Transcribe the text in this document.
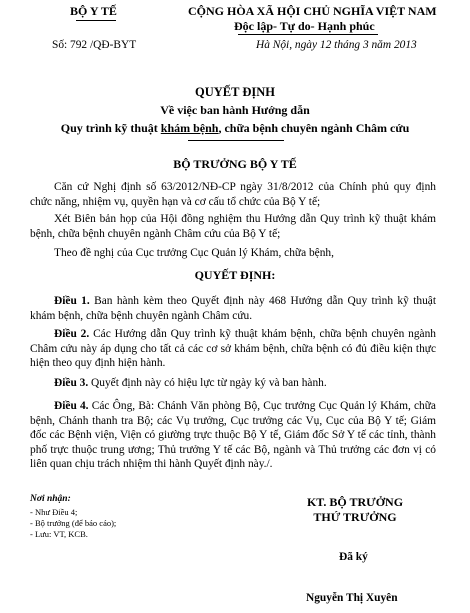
BỘ Y TẾ	CỘNG HÒA XÃ HỘI CHỦ NGHĨA VIỆT NAM
Độc lập- Tự do- Hạnh phúc
Số: 792 /QĐ-BYT	Hà Nội, ngày 12 tháng 3 năm 2013
QUYẾT ĐỊNH
Về việc ban hành Hướng dẫn
Quy trình kỹ thuật khám bệnh, chữa bệnh chuyên ngành Châm cứu
BỘ TRƯỞNG BỘ Y TẾ
Căn cứ Nghị định số 63/2012/NĐ-CP ngày 31/8/2012 của Chính phủ quy định chức năng, nhiệm vụ, quyền hạn và cơ cấu tổ chức của Bộ Y tế;
Xét Biên bản họp của Hội đồng nghiệm thu Hướng dẫn Quy trình kỹ thuật khám bệnh, chữa bệnh chuyên ngành Châm cứu của Bộ Y tế;
Theo đề nghị của Cục trưởng Cục Quản lý Khám, chữa bệnh,
QUYẾT ĐỊNH:
Điều 1. Ban hành kèm theo Quyết định này 468 Hướng dẫn Quy trình kỹ thuật khám bệnh, chữa bệnh chuyên ngành Châm cứu.
Điều 2. Các Hướng dẫn Quy trình kỹ thuật khám bệnh, chữa bệnh chuyên ngành Châm cứu này áp dụng cho tất cả các cơ sở khám bệnh, chữa bệnh có đủ điều kiện thực hiện theo quy định hiện hành.
Điều 3. Quyết định này có hiệu lực từ ngày ký và ban hành.
Điều 4. Các Ông, Bà: Chánh Văn phòng Bộ, Cục trưởng Cục Quản lý Khám, chữa bệnh, Chánh thanh tra Bộ; các Vụ trưởng, Cục trưởng các Vụ, Cục của Bộ Y tế; Giám đốc các Bệnh viện, Viện có giường trực thuộc Bộ Y tế, Giám đốc Sở Y tế các tỉnh, thành phố trực thuộc trung ương; Thủ trưởng Y tế các Bộ, ngành và Thủ trưởng các đơn vị có liên quan chịu trách nhiệm thi hành Quyết định này./.
Nơi nhận:
- Như Điều 4;
- Bộ trưởng (để báo cáo);
- Lưu: VT, KCB.
KT. BỘ TRƯỞNG
THỨ TRƯỞNG
Đã ký
Nguyễn Thị Xuyên
